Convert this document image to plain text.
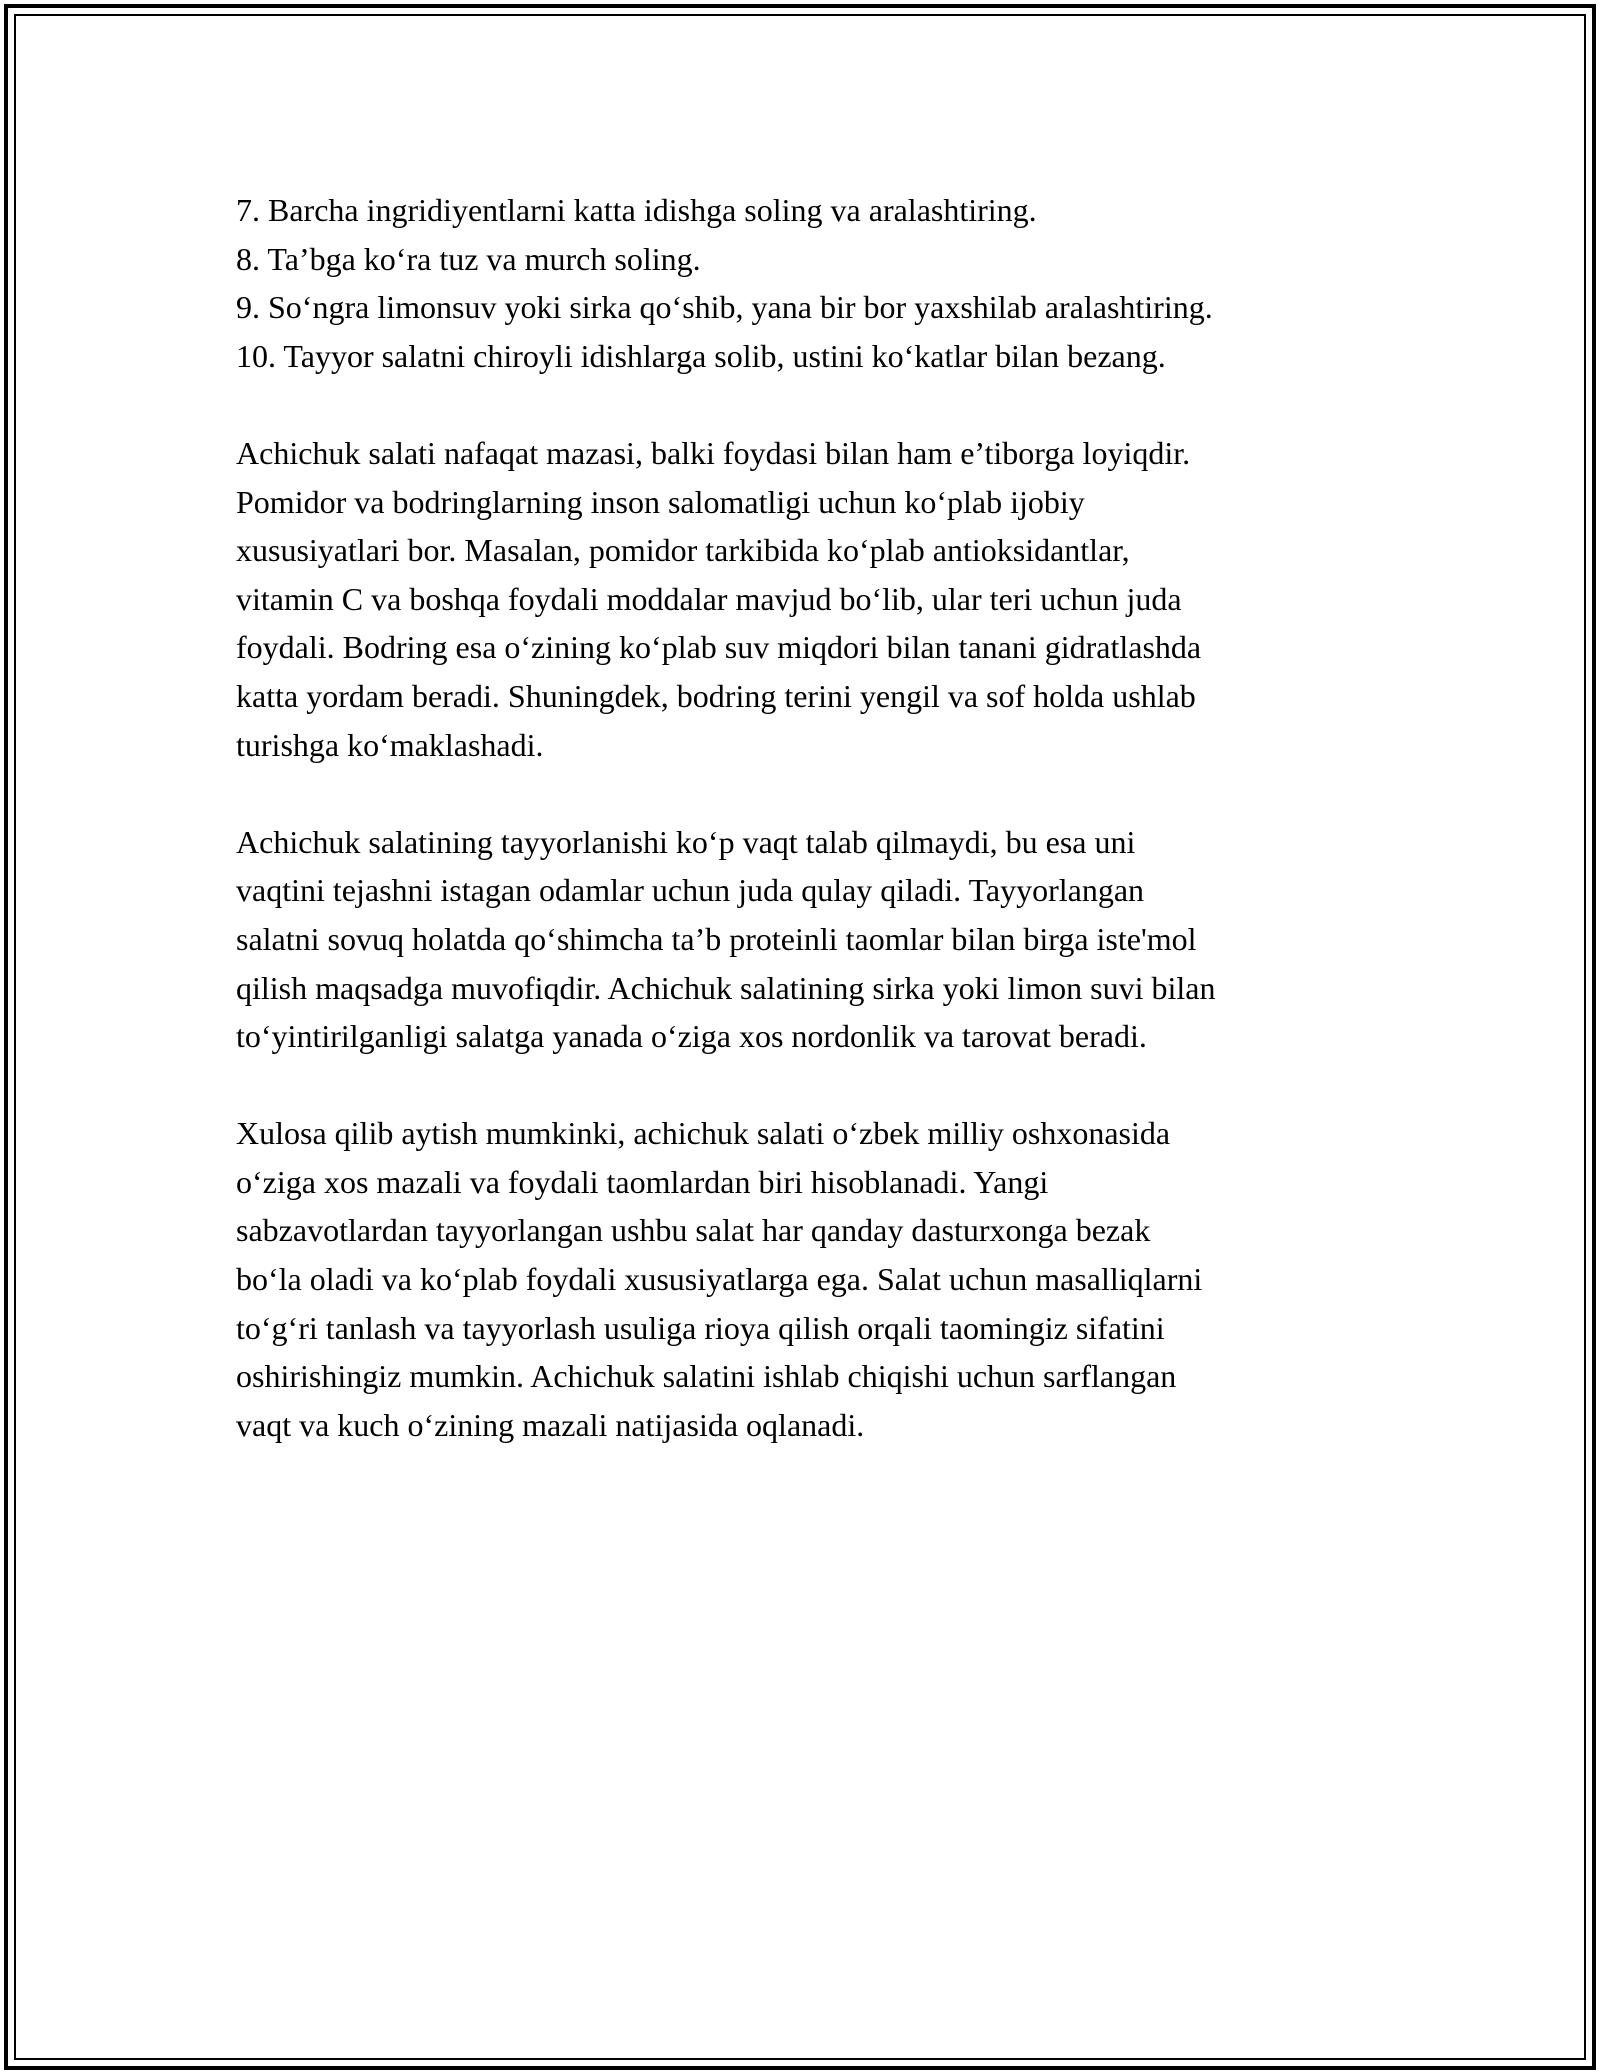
7. Barcha ingridiyentlarni katta idishga soling va aralashtiring.
8. Ta’bga ko‘ra tuz va murch soling.
9. So‘ngra limonsuv yoki sirka qo‘shib, yana bir bor yaxshilab aralashtiring.
10. Tayyor salatni chiroyli idishlarga solib, ustini ko‘katlar bilan bezang.
Achichuk salati nafaqat mazasi, balki foydasi bilan ham e’tiborga loyiqdir.
Pomidor va bodringlarning inson salomatligi uchun ko‘plab ijobiy
xususiyatlari bor. Masalan, pomidor tarkibida ko‘plab antioksidantlar,
vitamin C va boshqa foydali moddalar mavjud bo‘lib, ular teri uchun juda
foydali. Bodring esa o‘zining ko‘plab suv miqdori bilan tanani gidratlashda
katta yordam beradi. Shuningdek, bodring terini yengil va sof holda ushlab
turishga ko‘maklashadi.
Achichuk salatining tayyorlanishi ko‘p vaqt talab qilmaydi, bu esa uni
vaqtini tejashni istagan odamlar uchun juda qulay qiladi. Tayyorlangan
salatni sovuq holatda qo‘shimcha ta’b proteinli taomlar bilan birga iste'mol
qilish maqsadga muvofiqdir. Achichuk salatining sirka yoki limon suvi bilan
to‘yintirilganligi salatga yanada o‘ziga xos nordonlik va tarovat beradi.
Xulosa qilib aytish mumkinki, achichuk salati o‘zbek milliy oshxonasida
o‘ziga xos mazali va foydali taomlardan biri hisoblanadi. Yangi
sabzavotlardan tayyorlangan ushbu salat har qanday dasturxonga bezak
bo‘la oladi va ko‘plab foydali xususiyatlarga ega. Salat uchun masalliqlarni
to‘g‘ri tanlash va tayyorlash usuliga rioya qilish orqali taomingiz sifatini
oshirishingiz mumkin. Achichuk salatini ishlab chiqishi uchun sarflangan
vaqt va kuch o‘zining mazali natijasida oqlanadi.
